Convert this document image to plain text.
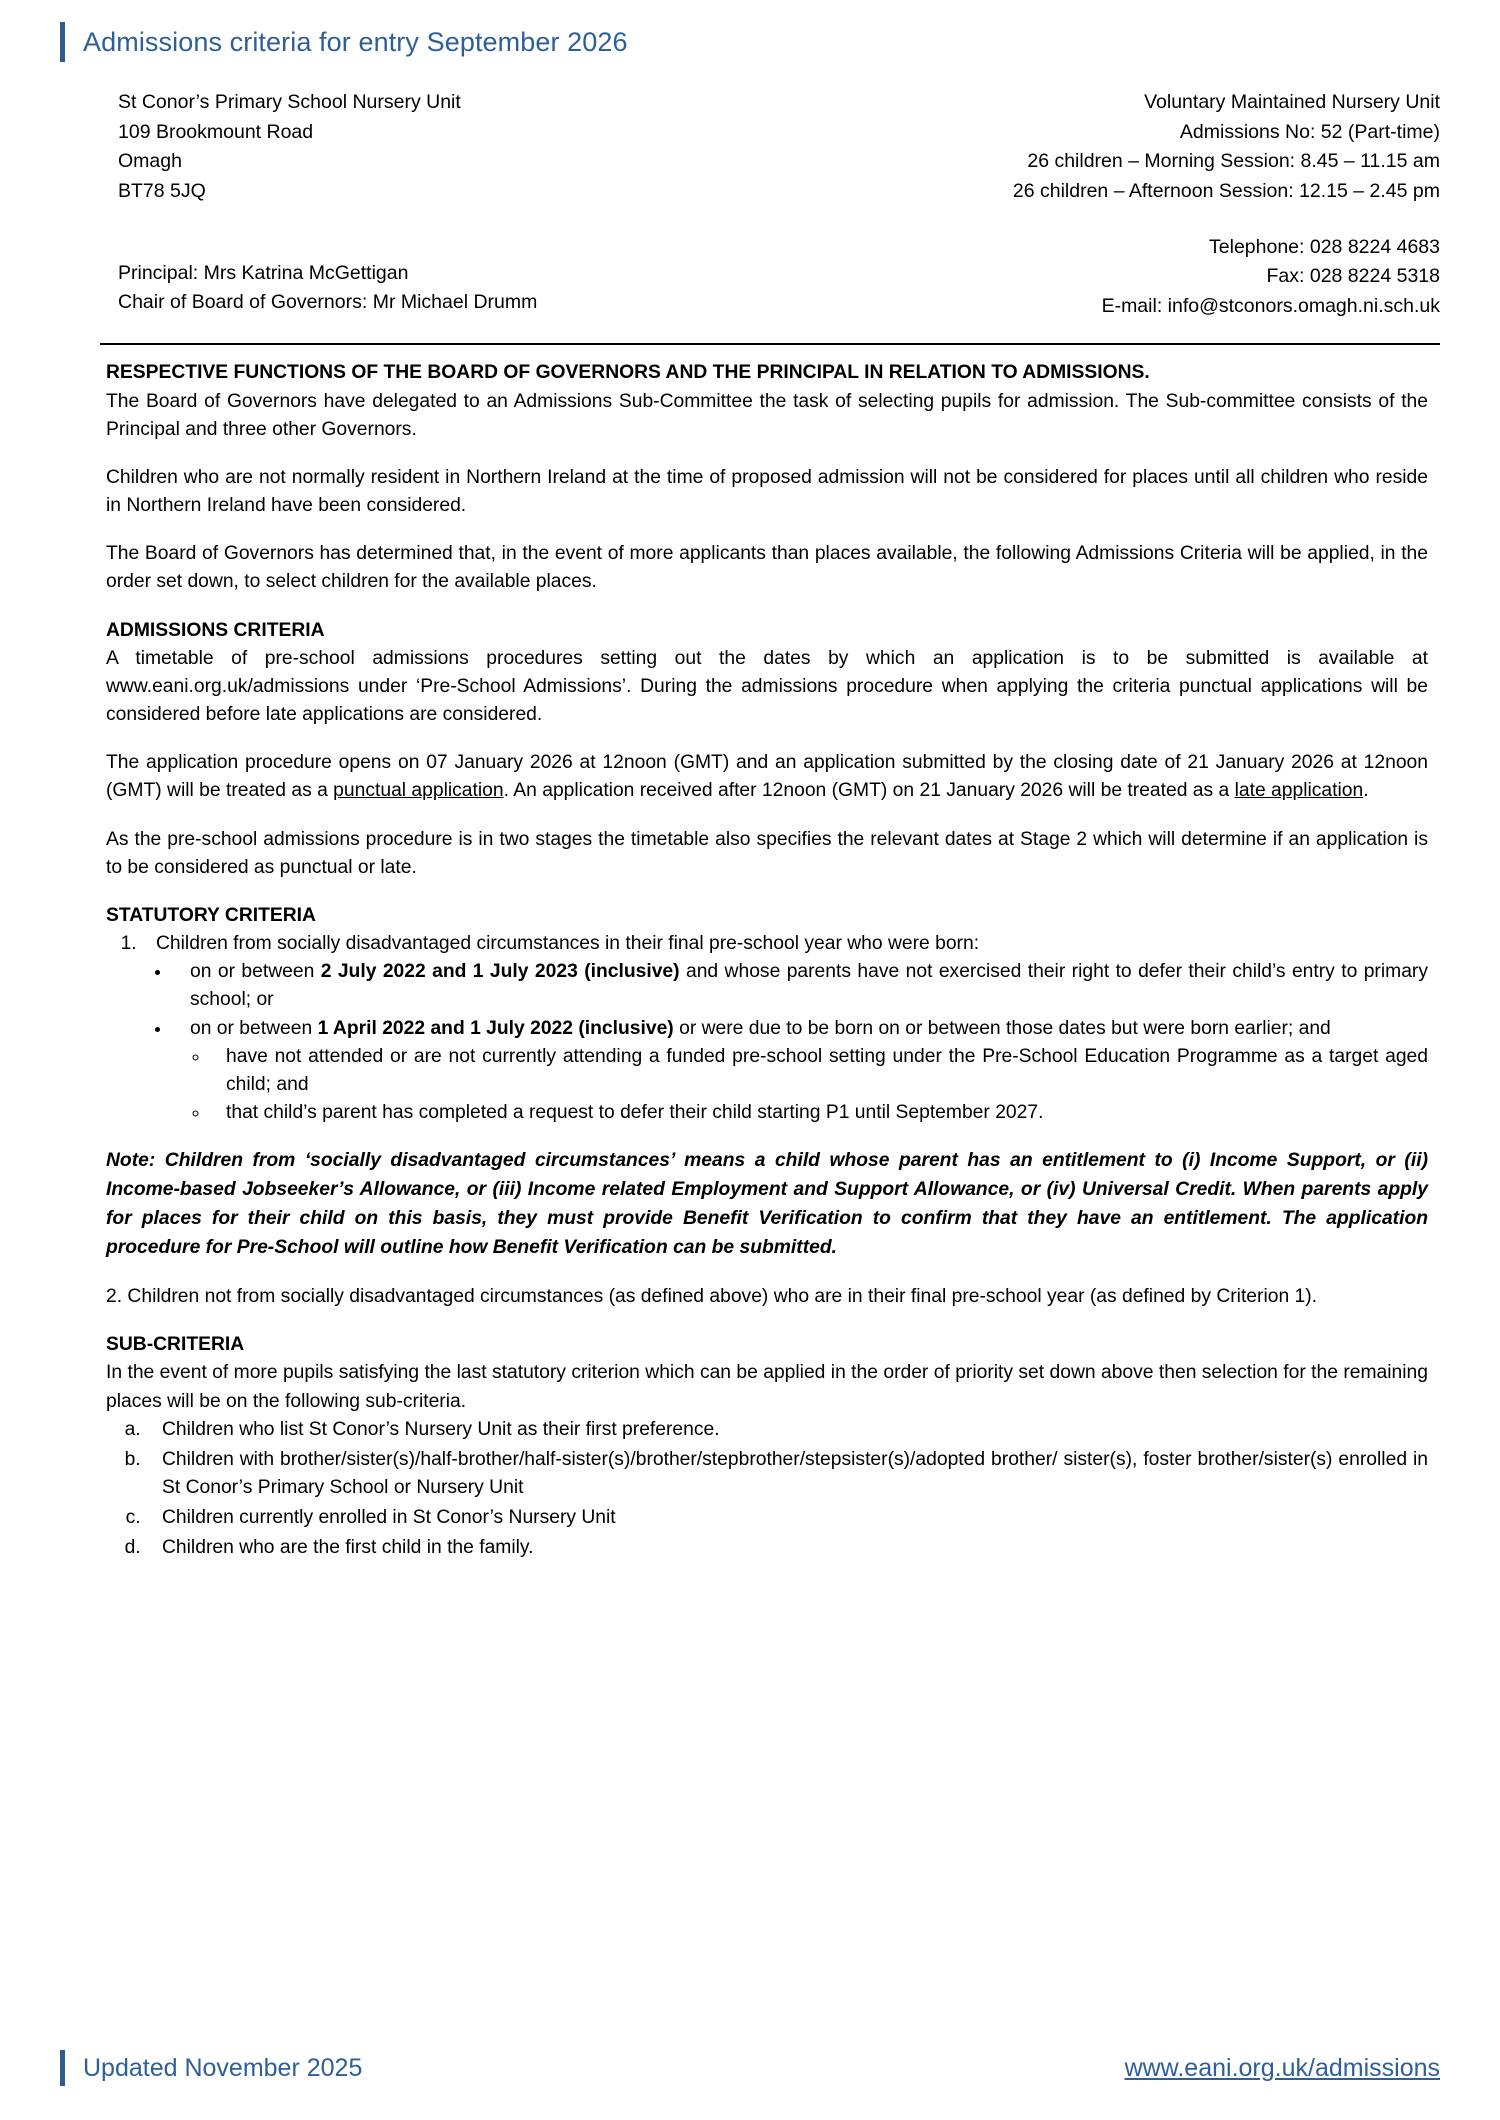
Admissions criteria for entry September 2026
St Conor’s Primary School Nursery Unit
109 Brookmount Road
Omagh
BT78 5JQ
Voluntary Maintained Nursery Unit
Admissions No: 52 (Part-time)
26 children – Morning Session: 8.45 – 11.15 am
26 children – Afternoon Session: 12.15 – 2.45 pm
Principal: Mrs Katrina McGettigan
Chair of Board of Governors: Mr Michael Drumm
Telephone: 028 8224 4683
Fax: 028 8224 5318
E-mail: info@stconors.omagh.ni.sch.uk

RESPECTIVE FUNCTIONS OF THE BOARD OF GOVERNORS AND THE PRINCIPAL IN RELATION TO ADMISSIONS.

The Board of Governors have delegated to an Admissions Sub-Committee the task of selecting pupils for admission. The Sub-committee consists of the Principal and three other Governors.

Children who are not normally resident in Northern Ireland at the time of proposed admission will not be considered for places until all children who reside in Northern Ireland have been considered.

The Board of Governors has determined that, in the event of more applicants than places available, the following Admissions Criteria will be applied, in the order set down, to select children for the available places.

ADMISSIONS CRITERIA

A timetable of pre-school admissions procedures setting out the dates by which an application is to be submitted is available at www.eani.org.uk/admissions under ‘Pre-School Admissions’. During the admissions procedure when applying the criteria punctual applications will be considered before late applications are considered.

The application procedure opens on 07 January 2026 at 12noon (GMT) and an application submitted by the closing date of 21 January 2026 at 12noon (GMT) will be treated as a punctual application. An application received after 12noon (GMT) on 21 January 2026 will be treated as a late application.

As the pre-school admissions procedure is in two stages the timetable also specifies the relevant dates at Stage 2 which will determine if an application is to be considered as punctual or late.

STATUTORY CRITERIA

1. Children from socially disadvantaged circumstances in their final pre-school year who were born:
• on or between 2 July 2022 and 1 July 2023 (inclusive) and whose parents have not exercised their right to defer their child’s entry to primary school; or
• on or between 1 April 2022 and 1 July 2022 (inclusive) or were due to be born on or between those dates but were born earlier; and
◦ have not attended or are not currently attending a funded pre-school setting under the Pre-School Education Programme as a target aged child; and
◦ that child’s parent has completed a request to defer their child starting P1 until September 2027.

Note: Children from ‘socially disadvantaged circumstances’ means a child whose parent has an entitlement to (i) Income Support, or (ii) Income-based Jobseeker’s Allowance, or (iii) Income related Employment and Support Allowance, or (iv) Universal Credit. When parents apply for places for their child on this basis, they must provide Benefit Verification to confirm that they have an entitlement. The application procedure for Pre-School will outline how Benefit Verification can be submitted.

2. Children not from socially disadvantaged circumstances (as defined above) who are in their final pre-school year (as defined by Criterion 1).

SUB-CRITERIA

In the event of more pupils satisfying the last statutory criterion which can be applied in the order of priority set down above then selection for the remaining places will be on the following sub-criteria.

a. Children who list St Conor’s Nursery Unit as their first preference.
b. Children with brother/sister(s)/half-brother/half-sister(s)/brother/stepbrother/stepsister(s)/adopted brother/ sister(s), foster brother/sister(s) enrolled in St Conor’s Primary School or Nursery Unit
c. Children currently enrolled in St Conor’s Nursery Unit
d. Children who are the first child in the family.
Updated November 2025	www.eani.org.uk/admissions
